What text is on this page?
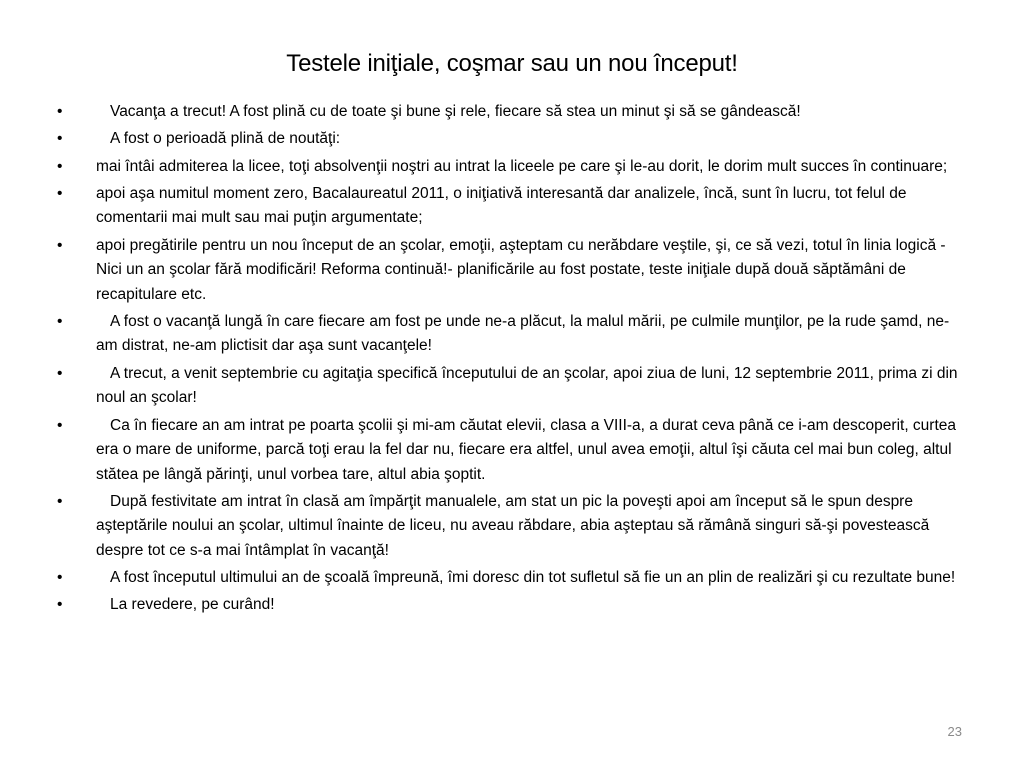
Testele iniţiale, coşmar sau un nou început!
•	Vacanţa a trecut! A fost plină cu de toate şi bune şi rele, fiecare să stea un minut şi să se gândească!
•	A fost o perioadă plină de noutăţi:
• mai întâi admiterea la licee, toţi absolvenţii noştri au intrat la liceele pe care şi le-au dorit, le dorim mult succes în continuare;
• apoi aşa numitul moment zero, Bacalaureatul 2011, o iniţiativă interesantă dar analizele, încă, sunt în lucru, tot felul de comentarii mai mult sau mai puţin argumentate;
• apoi pregătirile pentru un nou început de an şcolar, emoţii, aşteptam cu nerăbdare veştile, şi, ce să vezi, totul în linia logică -Nici un an şcolar fără modificări! Reforma continuă!- planificările au fost postate, teste iniţiale după două săptămâni de recapitulare etc.
•	A fost o vacanţă lungă în care fiecare am fost pe unde ne-a plăcut, la malul mării, pe culmile munţilor, pe la rude şamd, ne-am distrat, ne-am plictisit dar aşa sunt vacanţele!
•	A trecut, a venit septembrie cu agitaţia specifică începutului de an şcolar, apoi ziua de luni, 12 septembrie 2011, prima zi din noul an şcolar!
•	Ca în fiecare an am intrat pe poarta şcolii şi mi-am căutat elevii, clasa a VIII-a, a durat ceva până ce i-am descoperit, curtea era o mare de uniforme, parcă toţi erau la fel dar nu, fiecare era altfel, unul avea emoţii, altul îşi căuta cel mai bun coleg, altul stătea pe lângă părinţi, unul vorbea tare, altul abia şoptit.
•	După festivitate am intrat în clasă am împărţit manualele, am stat un pic la poveşti apoi am început să le spun despre aşteptările noului an şcolar, ultimul înainte de liceu, nu aveau răbdare, abia aşteptau să rămână singuri să-şi povestească despre tot ce s-a mai întâmplat în vacanţă!
•	A fost începutul ultimului an de şcoală împreună, îmi doresc din tot sufletul să fie un an plin de realizări şi cu rezultate bune!
•	La revedere, pe curând!
23
